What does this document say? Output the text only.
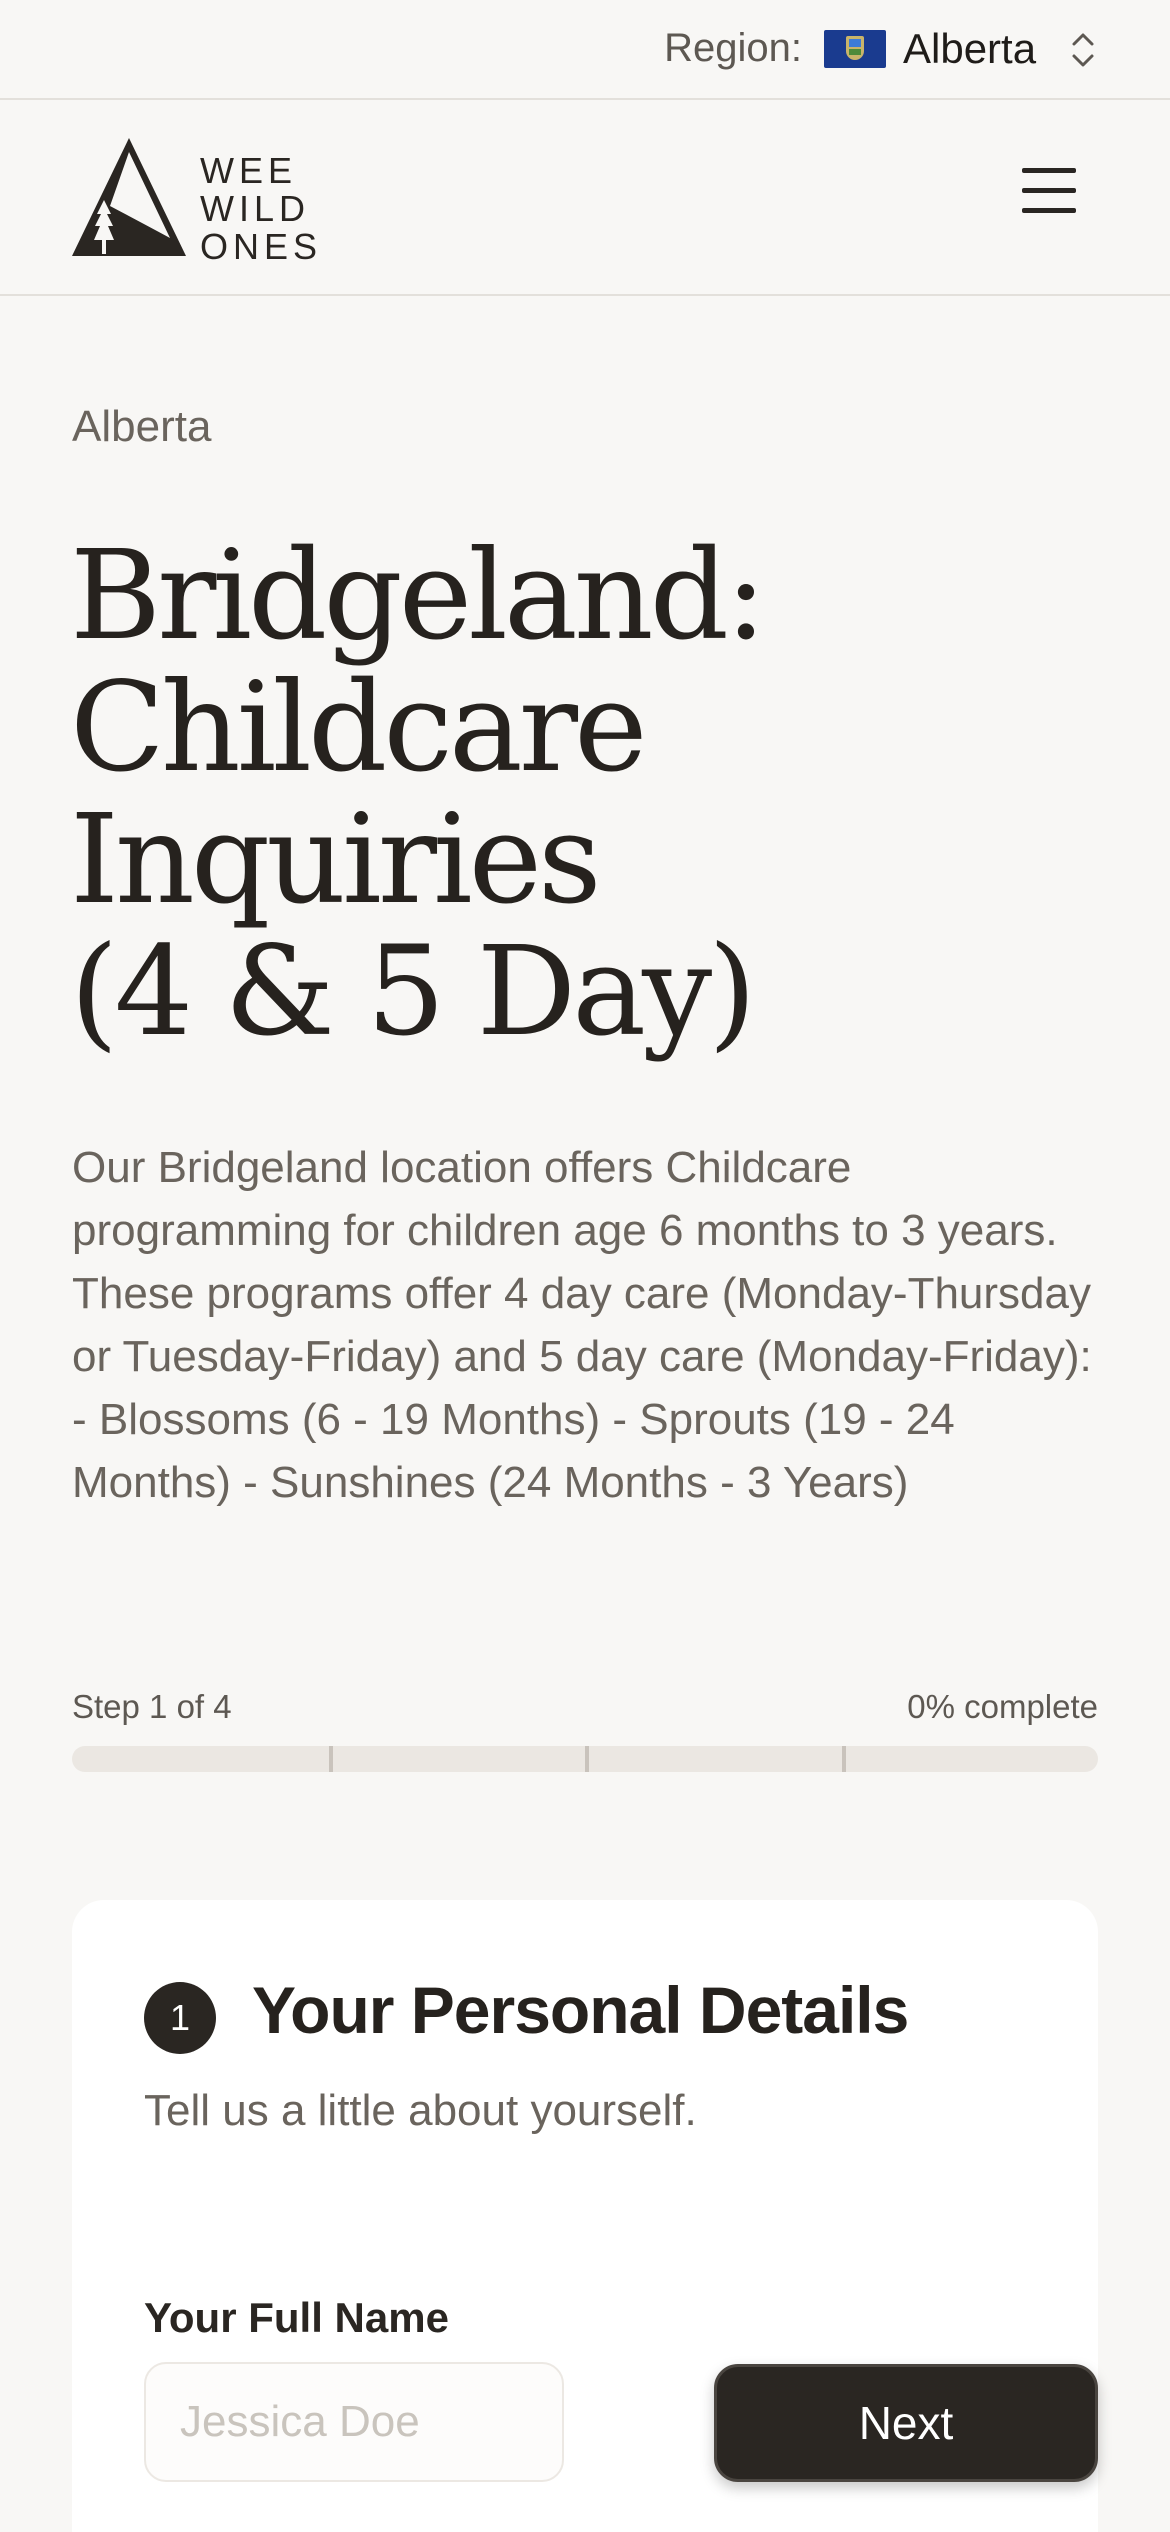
Region: Alberta
WEE
WILD
ONES
Alberta
Bridgeland:
Childcare
Inquiries
(4 & 5 Day)

Our Bridgeland location offers Childcare programming for children age 6 months to 3 years. These programs offer 4 day care (Monday-Thursday or Tuesday-Friday) and 5 day care (Monday-Friday): - Blossoms (6 - 19 Months) - Sprouts (19 - 24 Months) - Sunshines (24 Months - 3 Years)

Step 1 of 4	0% complete
1 Your Personal Details

Tell us a little about yourself.

Your Full Name
Jessica Doe
Next
